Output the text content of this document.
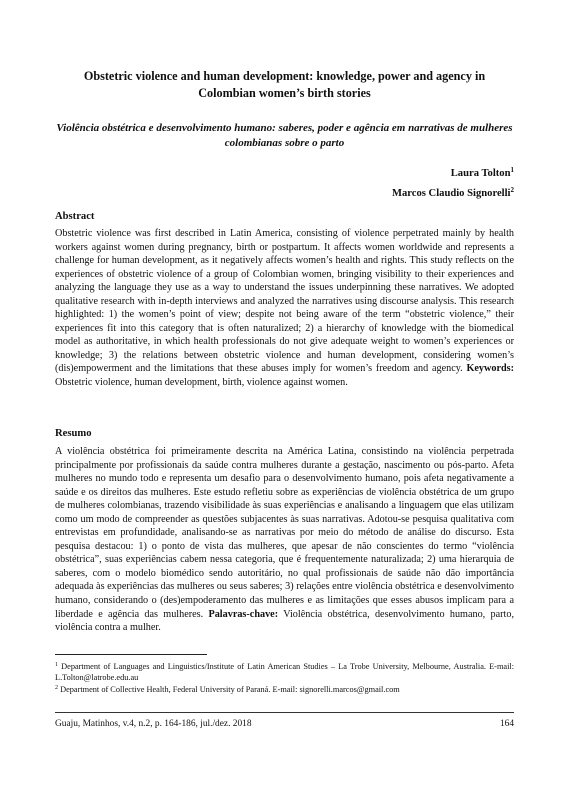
Obstetric violence and human development: knowledge, power and agency in Colombian women’s birth stories
Violência obstétrica e desenvolvimento humano: saberes, poder e agência em narrativas de mulheres colombianas sobre o parto
Laura Tolton$^1$
Marcos Claudio Signorelli$^2$
Abstract
Obstetric violence was first described in Latin America, consisting of violence perpetrated mainly by health workers against women during pregnancy, birth or postpartum. It affects women worldwide and represents a challenge for human development, as it negatively affects women’s health and rights. This study reflects on the experiences of obstetric violence of a group of Colombian women, bringing visibility to their experiences and analyzing the language they use as a way to understand the issues underpinning these narratives. We adopted qualitative research with in-depth interviews and analyzed the narratives using discourse analysis. This research highlighted: 1) the women’s point of view; despite not being aware of the term “obstetric violence,” their experiences fit into this category that is often naturalized; 2) a hierarchy of knowledge with the biomedical model as authoritative, in which health professionals do not give adequate weight to women’s experiences or knowledge; 3) the relations between obstetric violence and human development, considering women’s (dis)empowerment and the limitations that these abuses imply for women’s freedom and agency. Keywords: Obstetric violence, human development, birth, violence against women.
Resumo
A violência obstétrica foi primeiramente descrita na América Latina, consistindo na violência perpetrada principalmente por profissionais da saúde contra mulheres durante a gestação, nascimento ou pós-parto. Afeta mulheres no mundo todo e representa um desafio para o desenvolvimento humano, pois afeta negativamente a saúde e os direitos das mulheres. Este estudo refletiu sobre as experiências de violência obstétrica de um grupo de mulheres colombianas, trazendo visibilidade às suas experiências e analisando a linguagem que elas utilizam como um modo de compreender as questões subjacentes às suas narrativas. Adotou-se pesquisa qualitativa com entrevistas em profundidade, analisando-se as narrativas por meio do método de análise do discurso. Esta pesquisa destacou: 1) o ponto de vista das mulheres, que apesar de não conscientes do termo “violência obstétrica”, suas experiências cabem nessa categoria, que é frequentemente naturalizada; 2) uma hierarquia de saberes, com o modelo biomédico sendo autoritário, no qual profissionais de saúde não dão importância adequada às experiências das mulheres ou seus saberes; 3) relações entre violência obstétrica e desenvolvimento humano, considerando o (des)empoderamento das mulheres e as limitações que esses abusos implicam para a liberdade e agência das mulheres. Palavras-chave: Violência obstétrica, desenvolvimento humano, parto, violência contra a mulher.
$^1$ Department of Languages and Linguistics/Institute of Latin American Studies – La Trobe University, Melbourne, Australia. E-mail: L.Tolton@latrobe.edu.au
$^2$ Department of Collective Health, Federal University of Paraná. E-mail: signorelli.marcos@gmail.com
Guaju, Matinhos, v.4, n.2, p. 164-186, jul./dez. 2018	164
